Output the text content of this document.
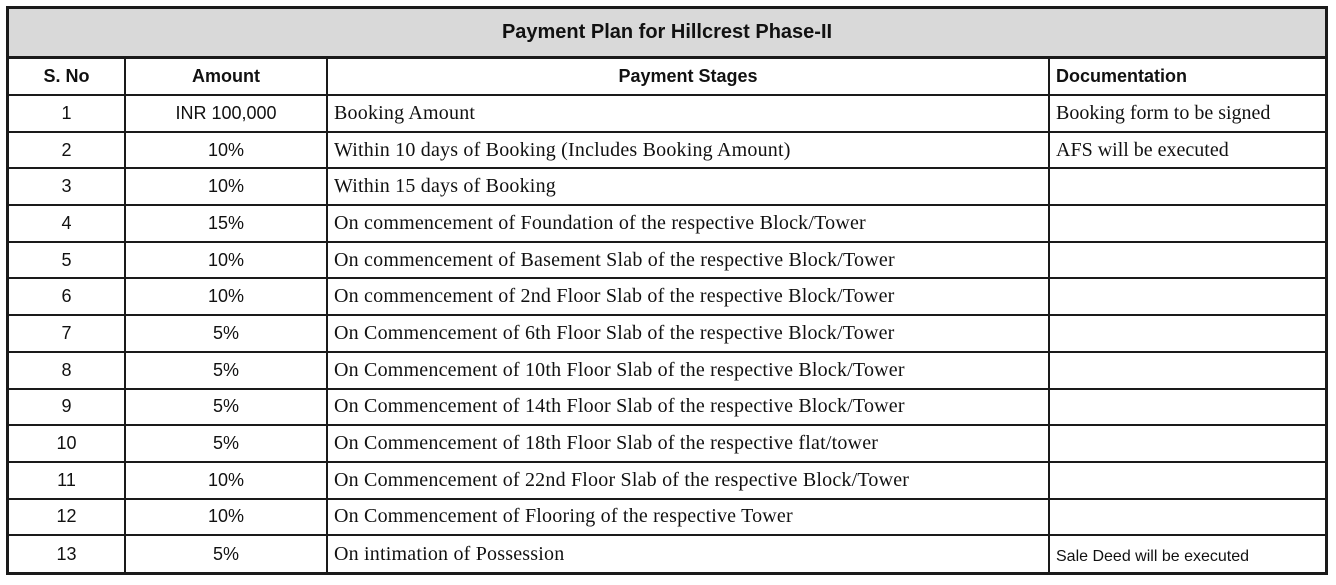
Payment Plan for Hillcrest Phase-II
S. No	Amount	Payment Stages	Documentation
1	INR 100,000	Booking Amount	Booking form to be signed
2	10%	Within 10 days of Booking (Includes Booking Amount)	AFS will be executed
3	10%	Within 15 days of Booking	
4	15%	On commencement of Foundation of the respective Block/Tower	
5	10%	On commencement of Basement Slab of the respective Block/Tower	
6	10%	On commencement of 2nd Floor Slab of the respective Block/Tower	
7	5%	On Commencement of 6th Floor Slab of the respective Block/Tower	
8	5%	On Commencement of 10th Floor Slab of the respective Block/Tower	
9	5%	On Commencement of 14th Floor Slab of the respective Block/Tower	
10	5%	On Commencement of 18th Floor Slab of the respective flat/tower	
11	10%	On Commencement of 22nd Floor Slab of the respective Block/Tower	
12	10%	On Commencement of Flooring of the respective Tower	
13	5%	On intimation of Possession	Sale Deed will be executed
